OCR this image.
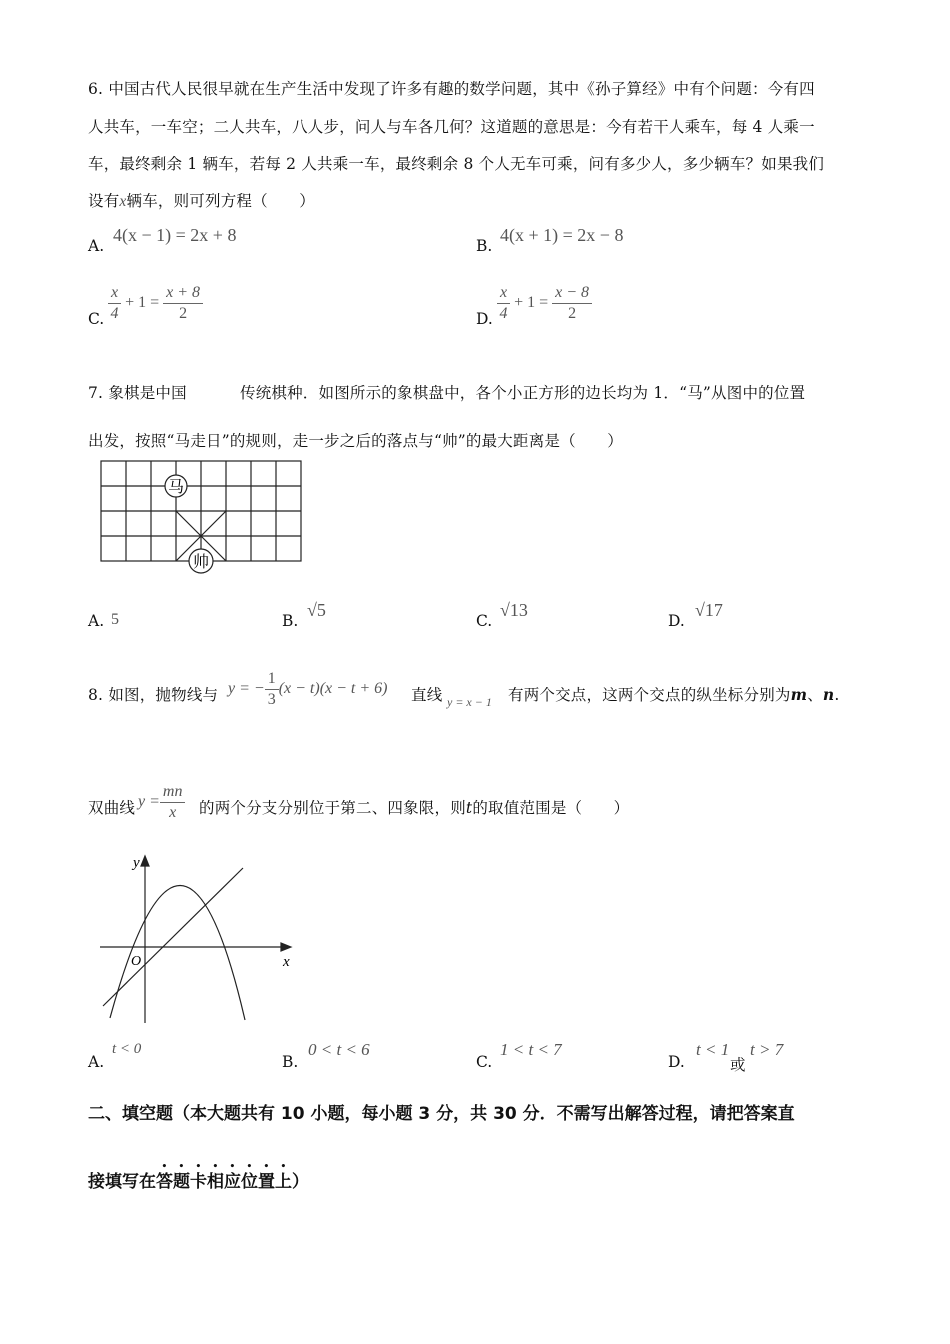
6. 中国古代人民很早就在生产生活中发现了许多有趣的数学问题，其中《孙子算经》中有个问题：今有四
人共车，一车空；二人共车，八人步，问人与车各几何？这道题的意思是：今有若干人乘车，每 4 人乘一
车，最终剩余 1 辆车，若每 2 人共乘一车，最终剩余 8 个人无车可乘，问有多少人，多少辆车？如果我们
设有x辆车，则可列方程（　　）
A.
4(x − 1) = 2x + 8
B.
4(x + 1) = 2x − 8
C. $\frac{x}{4} + 1 = \frac{x + 8}{2}$	D. $\frac{x}{4} + 1 = \frac{x - 8}{2}$
7. 象棋是中国	传统棋种．如图所示的象棋盘中，各个小正方形的边长均为 1．“马”从图中的位置
出发，按照“马走日”的规则，走一步之后的落点与“帅”的最大距离是（　　）
马
帅
A. 5	B.
√5
C.
√13
D.
√17
8. 如图，抛物线与 y = − $\frac{1}{3} (x - t)(x - t + 6)$ 直线 y = x − 1 有两个交点，这两个交点的纵坐标分别为m、n.
双曲线 $y = \frac{mn}{x}$ 的两个分支分别位于第二、四象限，则t的取值范围是（　　）
y
x
O
A.
t < 0
B.
0 < t < 6
C.
1 < t < 7
D.
t < 1
或
t > 7
二、填空题（本大题共有 10 小题，每小题 3 分，共 30 分．不需写出解答过程，请把答案直
接填写在答题卡相应位置上）
